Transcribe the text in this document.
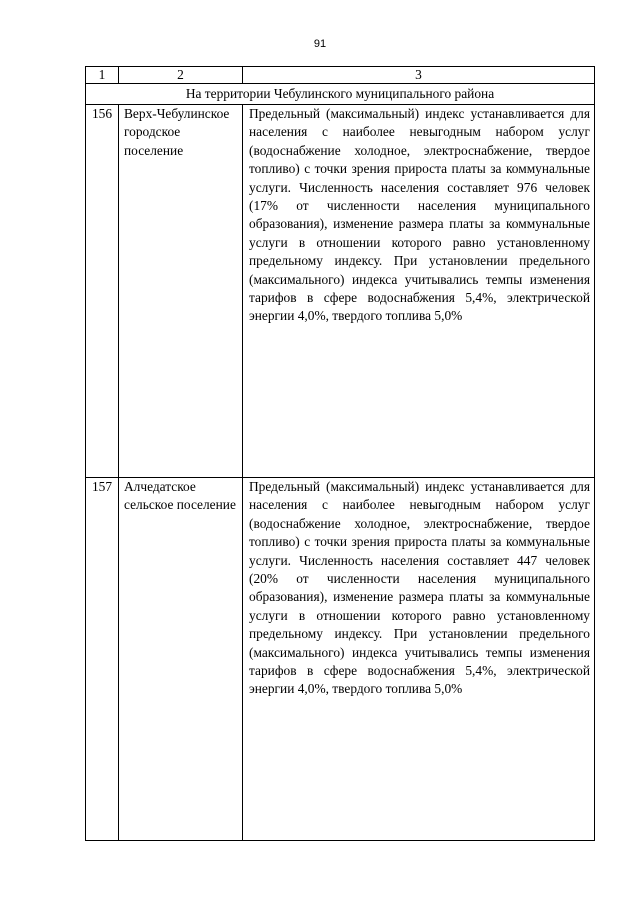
91
1	2	3
На территории Чебулинского муниципального района		
156	Верх-Чебулинское городское поселение	Предельный (максимальный) индекс устанавливается для населения с наиболее невыгодным набором услуг (водоснабжение холодное, электроснабжение, твердое топливо) с точки зрения прироста платы за коммунальные услуги. Численность населения составляет 976 человек (17% от численности населения муниципального образования), изменение размера платы за коммунальные услуги в отношении которого равно установленному предельному индексу. При установлении предельного (максимального) индекса учитывались темпы изменения тарифов в сфере водоснабжения 5,4%, электрической энергии 4,0%, твердого топлива 5,0%
157	Алчедатское сельское поселение	Предельный (максимальный) индекс устанавливается для населения с наиболее невыгодным набором услуг (водоснабжение холодное, электроснабжение, твердое топливо) с точки зрения прироста платы за коммунальные услуги. Численность населения составляет 447 человек (20% от численности населения муниципального образования), изменение размера платы за коммунальные услуги в отношении которого равно установленному предельному индексу. При установлении предельного (максимального) индекса учитывались темпы изменения тарифов в сфере водоснабжения 5,4%, электрической энергии 4,0%, твердого топлива 5,0%
